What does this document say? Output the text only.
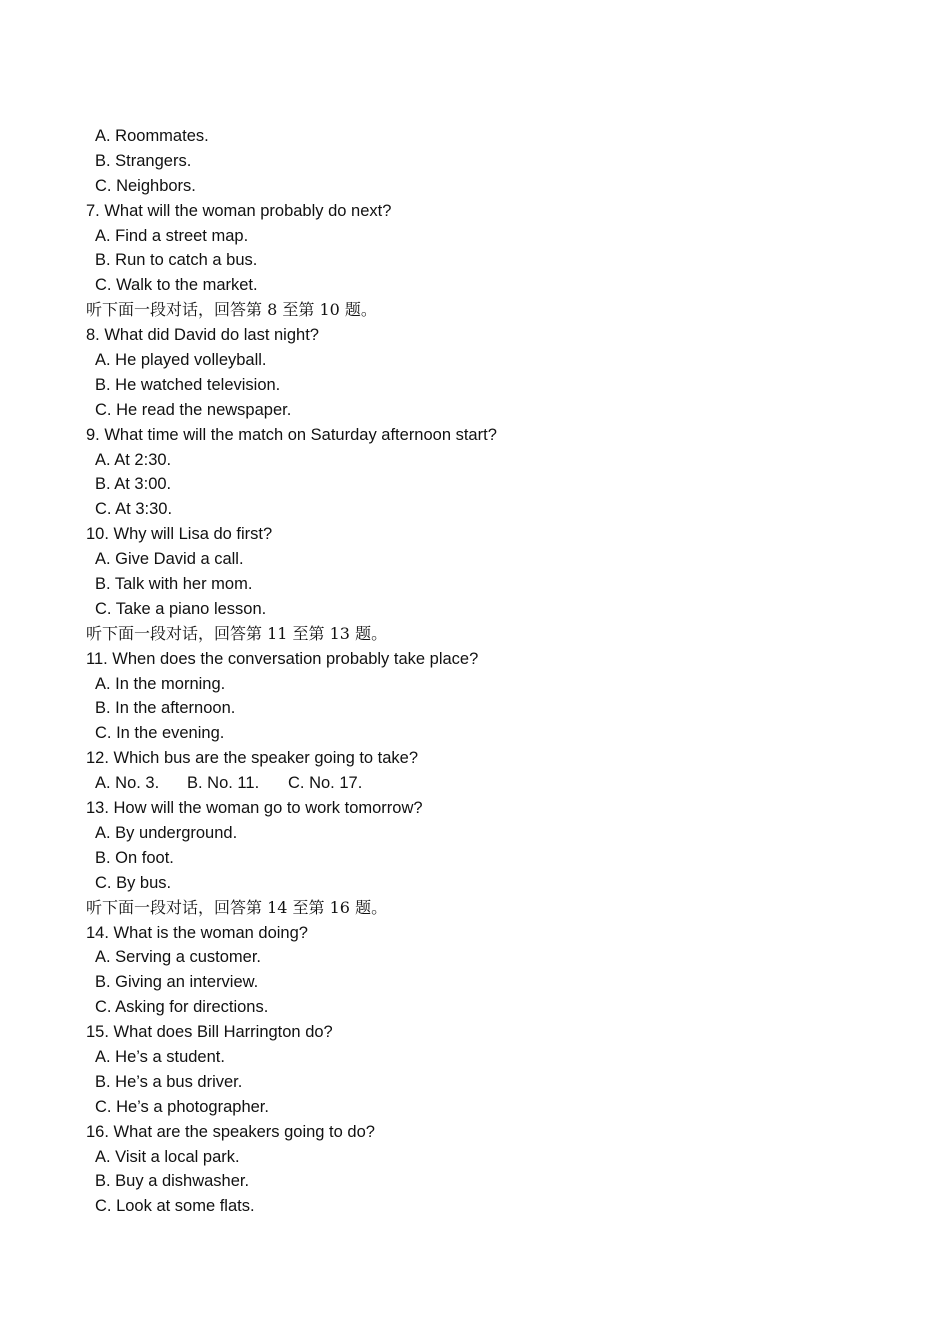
A. Roommates.
B. Strangers.
C. Neighbors.
7. What will the woman probably do next?
A. Find a street map.
B. Run to catch a bus.
C. Walk to the market.
听下面一段对话，回答第 8 至第 10 题。
8. What did David do last night?
A. He played volleyball.
B. He watched television.
C. He read the newspaper.
9. What time will the match on Saturday afternoon start?
A. At 2:30.
B. At 3:00.
C. At 3:30.
10. Why will Lisa do first?
A. Give David a call.
B. Talk with her mom.
C. Take a piano lesson.
听下面一段对话，回答第 11 至第 13 题。
11. When does the conversation probably take place?
A. In the morning.
B. In the afternoon.
C. In the evening.
12. Which bus are the speaker going to take?
A. No. 3. B. No. 11. C. No. 17.
13. How will the woman go to work tomorrow?
A. By underground.
B. On foot.
C. By bus.
听下面一段对话，回答第 14 至第 16 题。
14. What is the woman doing?
A. Serving a customer.
B. Giving an interview.
C. Asking for directions.
15. What does Bill Harrington do?
A. He’s a student.
B. He’s a bus driver.
C. He’s a photographer.
16. What are the speakers going to do?
A. Visit a local park.
B. Buy a dishwasher.
C. Look at some flats.
